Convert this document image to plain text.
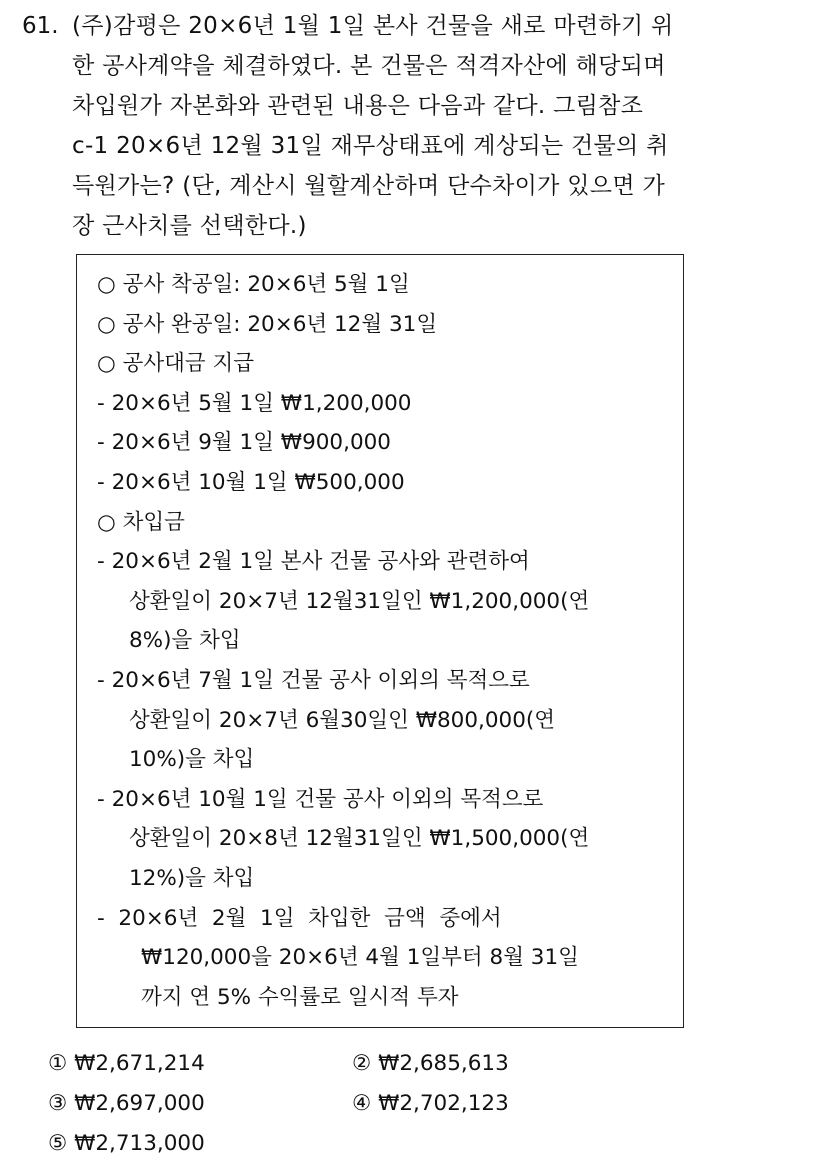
61. (주)감평은 20×6년 1월 1일 본사 건물을 새로 마련하기 위
한 공사계약을 체결하였다. 본 건물은 적격자산에 해당되며
차입원가 자본화와 관련된 내용은 다음과 같다. 그림참조
c-1 20×6년 12월 31일 재무상태표에 계상되는 건물의 취
득원가는? (단, 계산시 월할계산하며 단수차이가 있으면 가
장 근사치를 선택한다.)
○ 공사 착공일: 20×6년 5월 1일
○ 공사 완공일: 20×6년 12월 31일
○ 공사대금 지급
- 20×6년 5월 1일 ₩1,200,000
- 20×6년 9월 1일 ₩900,000
- 20×6년 10월 1일 ₩500,000
○ 차입금
- 20×6년 2월 1일 본사 건물 공사와 관련하여
상환일이 20×7년 12월31일인 ₩1,200,000(연
8%)을 차입
- 20×6년 7월 1일 건물 공사 이외의 목적으로
상환일이 20×7년 6월30일인 ₩800,000(연
10%)을 차입
- 20×6년 10월 1일 건물 공사 이외의 목적으로
상환일이 20×8년 12월31일인 ₩1,500,000(연
12%)을 차입
-  20×6년  2월  1일  차입한  금액  중에서
₩120,000을 20×6년 4월 1일부터 8월 31일
까지 연 5% 수익률로 일시적 투자
① ₩2,671,214	② ₩2,685,613
③ ₩2,697,000	④ ₩2,702,123
⑤ ₩2,713,000
